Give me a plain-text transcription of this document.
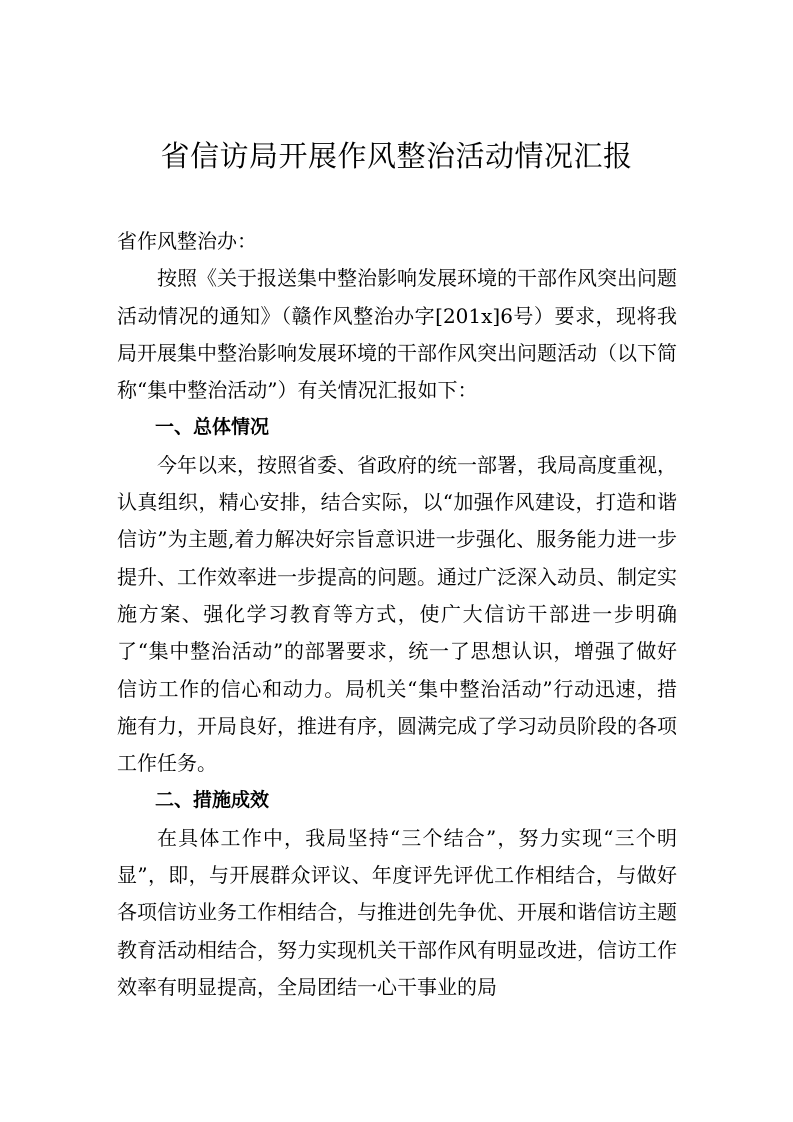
省信访局开展作风整治活动情况汇报

省作风整治办：

按照《关于报送集中整治影响发展环境的干部作风突出问题活动情况的通知》（赣作风整治办字[201x]6号）要求，现将我局开展集中整治影响发展环境的干部作风突出问题活动（以下简称“集中整治活动”）有关情况汇报如下：

一、总体情况

今年以来，按照省委、省政府的统一部署，我局高度重视，认真组织，精心安排，结合实际，以“加强作风建设，打造和谐信访”为主题,着力解决好宗旨意识进一步强化、服务能力进一步提升、工作效率进一步提高的问题。通过广泛深入动员、制定实施方案、强化学习教育等方式，使广大信访干部进一步明确了“集中整治活动”的部署要求，统一了思想认识，增强了做好信访工作的信心和动力。局机关“集中整治活动”行动迅速，措施有力，开局良好，推进有序，圆满完成了学习动员阶段的各项工作任务。

二、措施成效

在具体工作中，我局坚持“三个结合”，努力实现“三个明显”，即，与开展群众评议、年度评先评优工作相结合，与做好各项信访业务工作相结合，与推进创先争优、开展和谐信访主题教育活动相结合，努力实现机关干部作风有明显改进，信访工作效率有明显提高，全局团结一心干事业的局
